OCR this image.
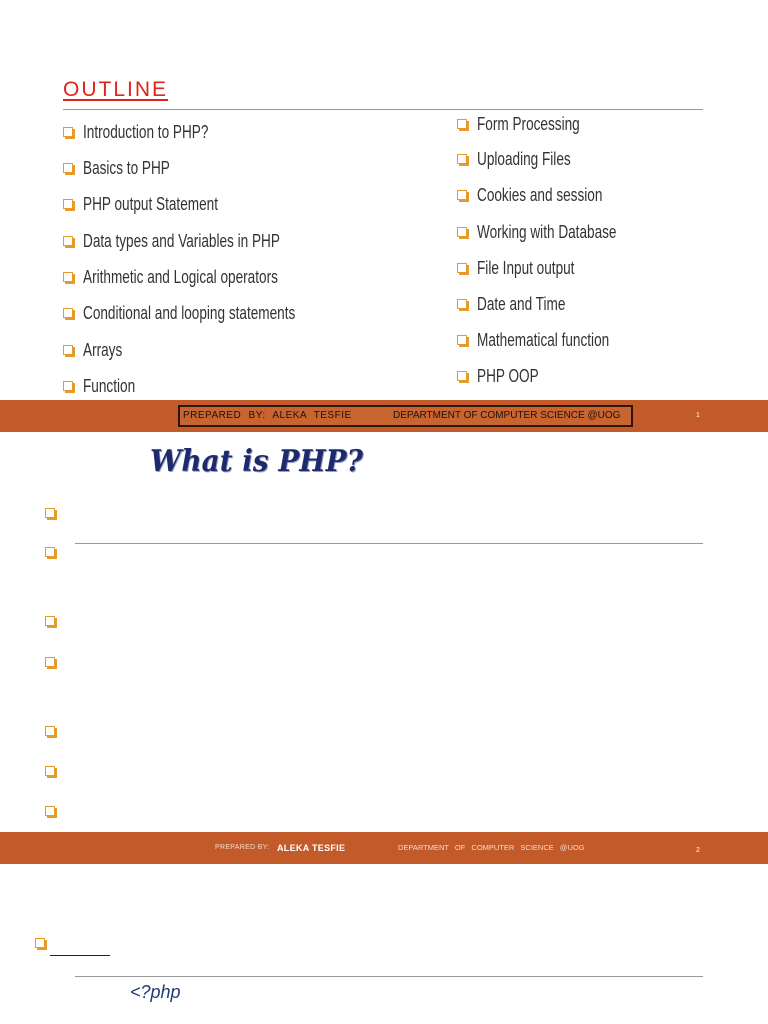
OUTLINE
Introduction to PHP?
Basics to PHP
PHP output Statement
Data types and Variables in PHP
Arithmetic and Logical operators
Conditional and looping statements
Arrays
Function
Form Processing
Uploading Files
Cookies and session
Working with Database
File Input output
Date and Time
Mathematical function
PHP OOP
PREPARED BY: ALEKA TESFIE	DEPARTMENT OF COMPUTER SCIENCE @UOG	1
What is PHP?
PREPARED BY: ALEKA TESFIE	DEPARTMENT OF COMPUTER SCIENCE @UOG	2
<?php
